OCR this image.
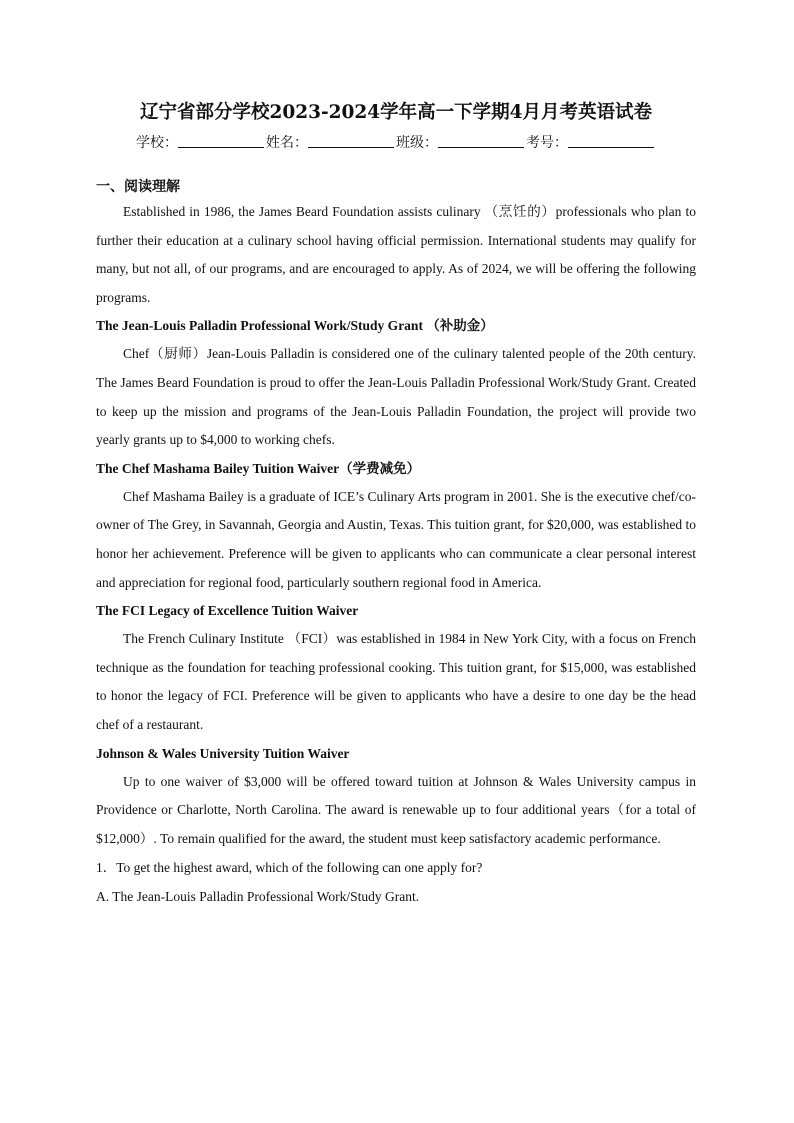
辽宁省部分学校2023-2024学年高一下学期4月月考英语试卷
学校：	姓名：	班级：	考号：
一、阅读理解

Established in 1986, the James Beard Foundation assists culinary （烹饪的）professionals who plan to further their education at a culinary school having official permission. International students may qualify for many, but not all, of our programs, and are encouraged to apply. As of 2024, we will be offering the following programs.

The Jean-Louis Palladin Professional Work/Study Grant （补助金）

Chef（厨师）Jean-Louis Palladin is considered one of the culinary talented people of the 20th century. The James Beard Foundation is proud to offer the Jean-Louis Palladin Professional Work/Study Grant. Created to keep up the mission and programs of the Jean-Louis Palladin Foundation, the project will provide two yearly grants up to $4,000 to working chefs.

The Chef Mashama Bailey Tuition Waiver（学费减免）

Chef Mashama Bailey is a graduate of ICE’s Culinary Arts program in 2001. She is the executive chef/co-owner of The Grey, in Savannah, Georgia and Austin, Texas. This tuition grant, for $20,000, was established to honor her achievement. Preference will be given to applicants who can communicate a clear personal interest and appreciation for regional food, particularly southern regional food in America.

The FCI Legacy of Excellence Tuition Waiver

The French Culinary Institute （FCI）was established in 1984 in New York City, with a focus on French technique as the foundation for teaching professional cooking. This tuition grant, for $15,000, was established to honor the legacy of FCI. Preference will be given to applicants who have a desire to one day be the head chef of a restaurant.

Johnson & Wales University Tuition Waiver

Up to one waiver of $3,000 will be offered toward tuition at Johnson & Wales University campus in Providence or Charlotte, North Carolina. The award is renewable up to four additional years（for a total of $12,000）. To remain qualified for the award, the student must keep satisfactory academic performance.

1．To get the highest award, which of the following can one apply for?

A. The Jean-Louis Palladin Professional Work/Study Grant.
